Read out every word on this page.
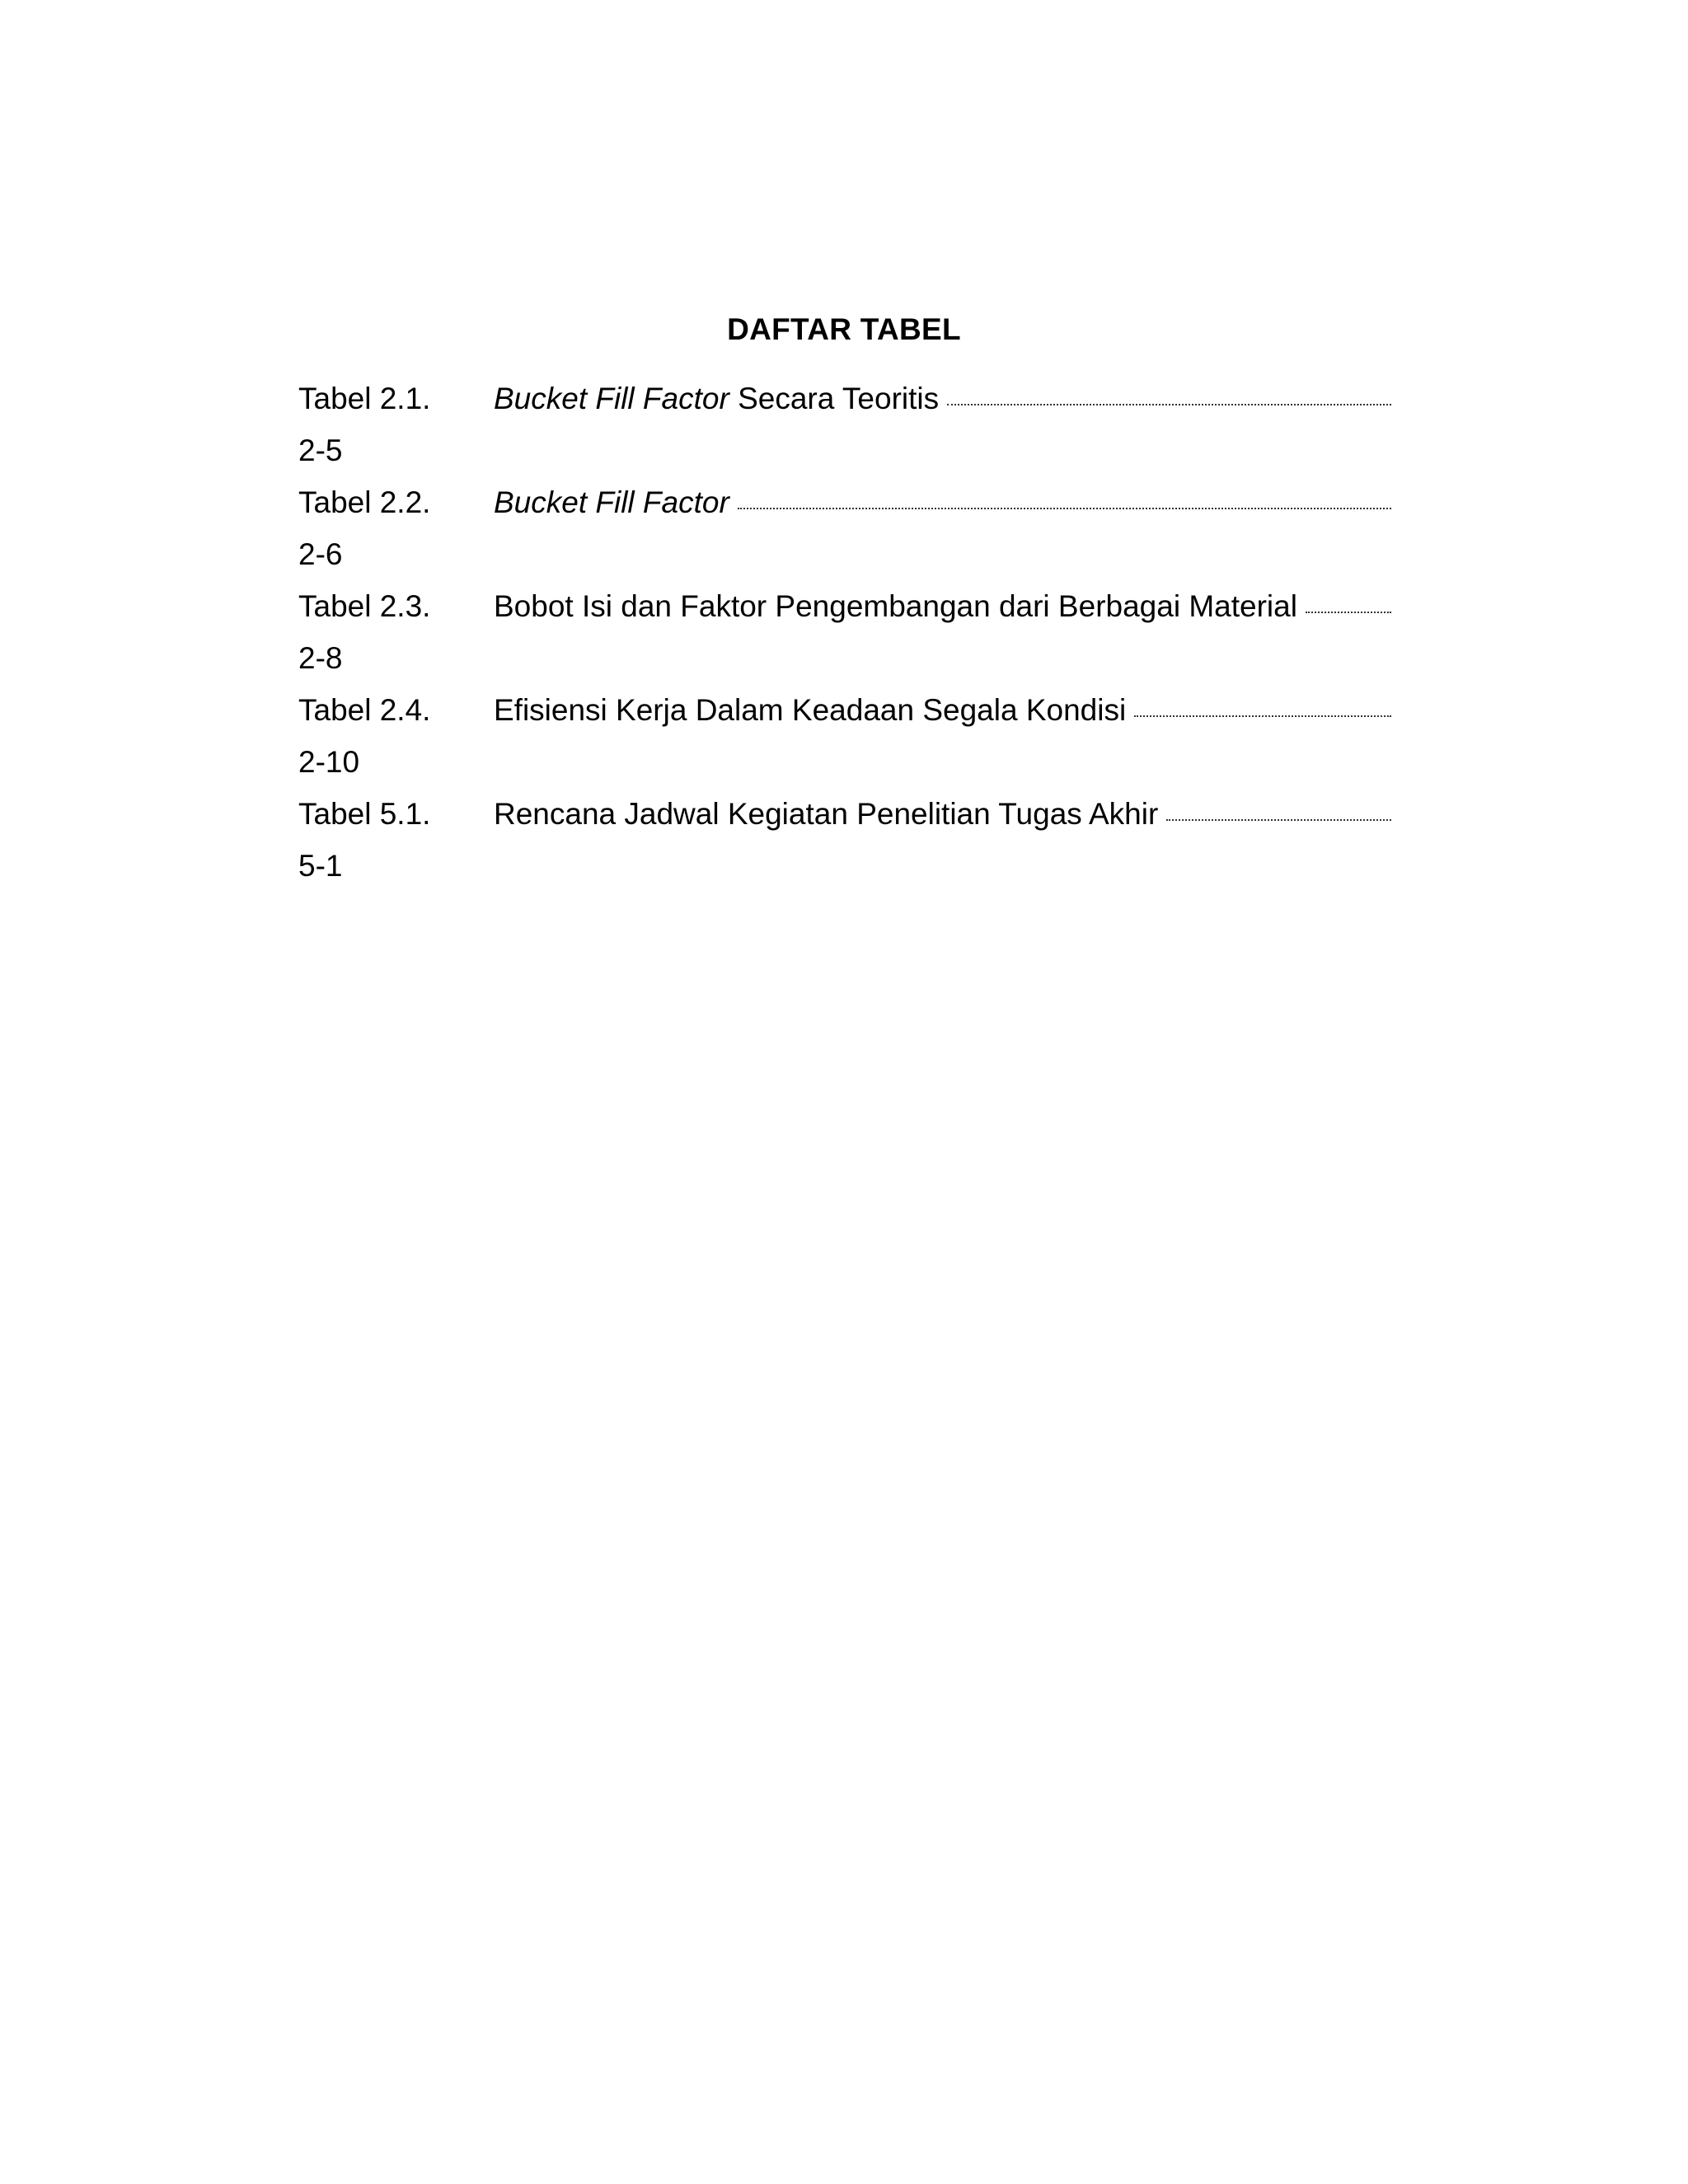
DAFTAR TABEL
Tabel 2.1.	Bucket Fill Factor Secara Teoritis
2-5
Tabel 2.2.	Bucket Fill Factor
2-6
Tabel 2.3.	Bobot Isi dan Faktor Pengembangan dari Berbagai Material
2-8
Tabel 2.4.	Efisiensi Kerja Dalam Keadaan Segala Kondisi
2-10
Tabel 5.1.	Rencana Jadwal Kegiatan Penelitian Tugas Akhir
5-1
